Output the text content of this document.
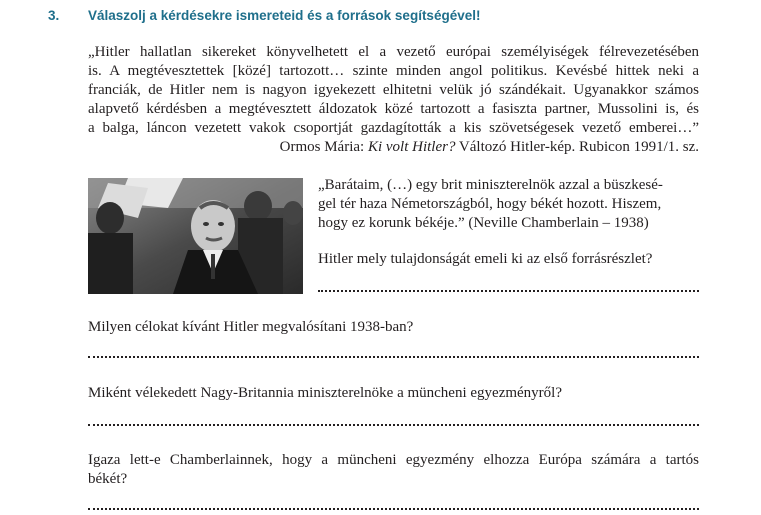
3. Válaszolj a kérdésekre ismereteid és a források segítségével!
„Hitler hallatlan sikereket könyvelhetett el a vezető európai személyiségek félrevezetésében
is. A megtévesztettek [közé] tartozott… szinte minden angol politikus. Kevésbé hittek neki a
franciák, de Hitler nem is nagyon igyekezett elhitetni velük jó szándékait. Ugyanakkor számos
alapvető kérdésben a megtévesztett áldozatok közé tartozott a fasiszta partner, Mussolini is, és
a balga, láncon vezetett vakok csoportját gazdagították a kis szövetségesek vezető emberei…”
Ormos Mária: Ki volt Hitler? Változó Hitler-kép. Rubicon 1991/1. sz.
„Barátaim, (…) egy brit miniszterelnök azzal a büszkesé-
gel tér haza Németországból, hogy békét hozott. Hiszem,
hogy ez korunk békéje.” (Neville Chamberlain – 1938)
Hitler mely tulajdonságát emeli ki az első forrásrészlet?
Milyen célokat kívánt Hitler megvalósítani 1938-ban?
Miként vélekedett Nagy-Britannia miniszterelnöke a müncheni egyezményről?
Igaza lett-e Chamberlainnek, hogy a müncheni egyezmény elhozza Európa számára a tartós
békét?
